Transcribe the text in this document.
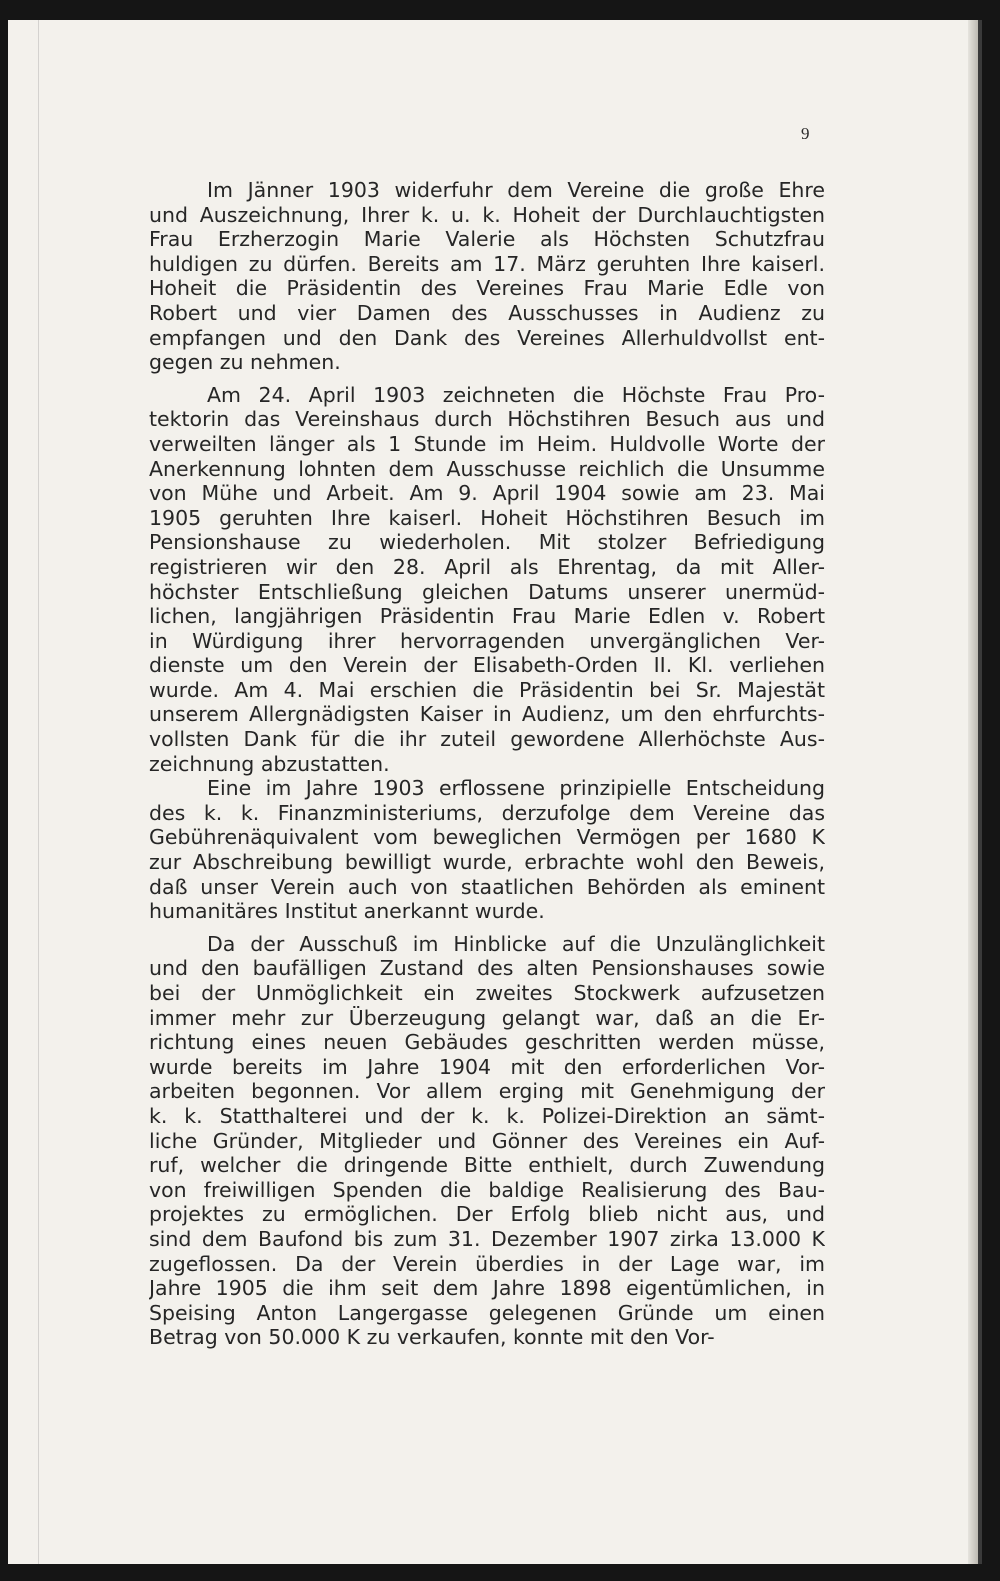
9

Im Jänner 1903 widerfuhr dem Vereine die große Ehre
und Auszeichnung, Ihrer k. u. k. Hoheit der Durchlauchtigsten
Frau Erzherzogin Marie Valerie als Höchsten Schutzfrau
huldigen zu dürfen. Bereits am 17. März geruhten Ihre kaiserl.
Hoheit die Präsidentin des Vereines Frau Marie Edle von
Robert und vier Damen des Ausschusses in Audienz zu
empfangen und den Dank des Vereines Allerhuldvollst ent-
gegen zu nehmen.

Am 24. April 1903 zeichneten die Höchste Frau Pro-
tektorin das Vereinshaus durch Höchstihren Besuch aus und
verweilten länger als 1 Stunde im Heim. Huldvolle Worte der
Anerkennung lohnten dem Ausschusse reichlich die Unsumme
von Mühe und Arbeit. Am 9. April 1904 sowie am 23. Mai
1905 geruhten Ihre kaiserl. Hoheit Höchstihren Besuch im
Pensionshause zu wiederholen. Mit stolzer Befriedigung
registrieren wir den 28. April als Ehrentag, da mit Aller-
höchster Entschließung gleichen Datums unserer unermüd-
lichen, langjährigen Präsidentin Frau Marie Edlen v. Robert
in Würdigung ihrer hervorragenden unvergänglichen Ver-
dienste um den Verein der Elisabeth-Orden II. Kl. verliehen
wurde. Am 4. Mai erschien die Präsidentin bei Sr. Majestät
unserem Allergnädigsten Kaiser in Audienz, um den ehrfurchts-
vollsten Dank für die ihr zuteil gewordene Allerhöchste Aus-
zeichnung abzustatten.

Eine im Jahre 1903 erflossene prinzipielle Entscheidung
des k. k. Finanzministeriums, derzufolge dem Vereine das
Gebührenäquivalent vom beweglichen Vermögen per 1680 K
zur Abschreibung bewilligt wurde, erbrachte wohl den Beweis,
daß unser Verein auch von staatlichen Behörden als eminent
humanitäres Institut anerkannt wurde.

Da der Ausschuß im Hinblicke auf die Unzulänglichkeit
und den baufälligen Zustand des alten Pensionshauses sowie
bei der Unmöglichkeit ein zweites Stockwerk aufzusetzen
immer mehr zur Überzeugung gelangt war, daß an die Er-
richtung eines neuen Gebäudes geschritten werden müsse,
wurde bereits im Jahre 1904 mit den erforderlichen Vor-
arbeiten begonnen. Vor allem erging mit Genehmigung der
k. k. Statthalterei und der k. k. Polizei-Direktion an sämt-
liche Gründer, Mitglieder und Gönner des Vereines ein Auf-
ruf, welcher die dringende Bitte enthielt, durch Zuwendung
von freiwilligen Spenden die baldige Realisierung des Bau-
projektes zu ermöglichen. Der Erfolg blieb nicht aus, und
sind dem Baufond bis zum 31. Dezember 1907 zirka 13.000 K
zugeflossen. Da der Verein überdies in der Lage war, im
Jahre 1905 die ihm seit dem Jahre 1898 eigentümlichen, in
Speising Anton Langergasse gelegenen Gründe um einen
Betrag von 50.000 K zu verkaufen, konnte mit den Vor-
